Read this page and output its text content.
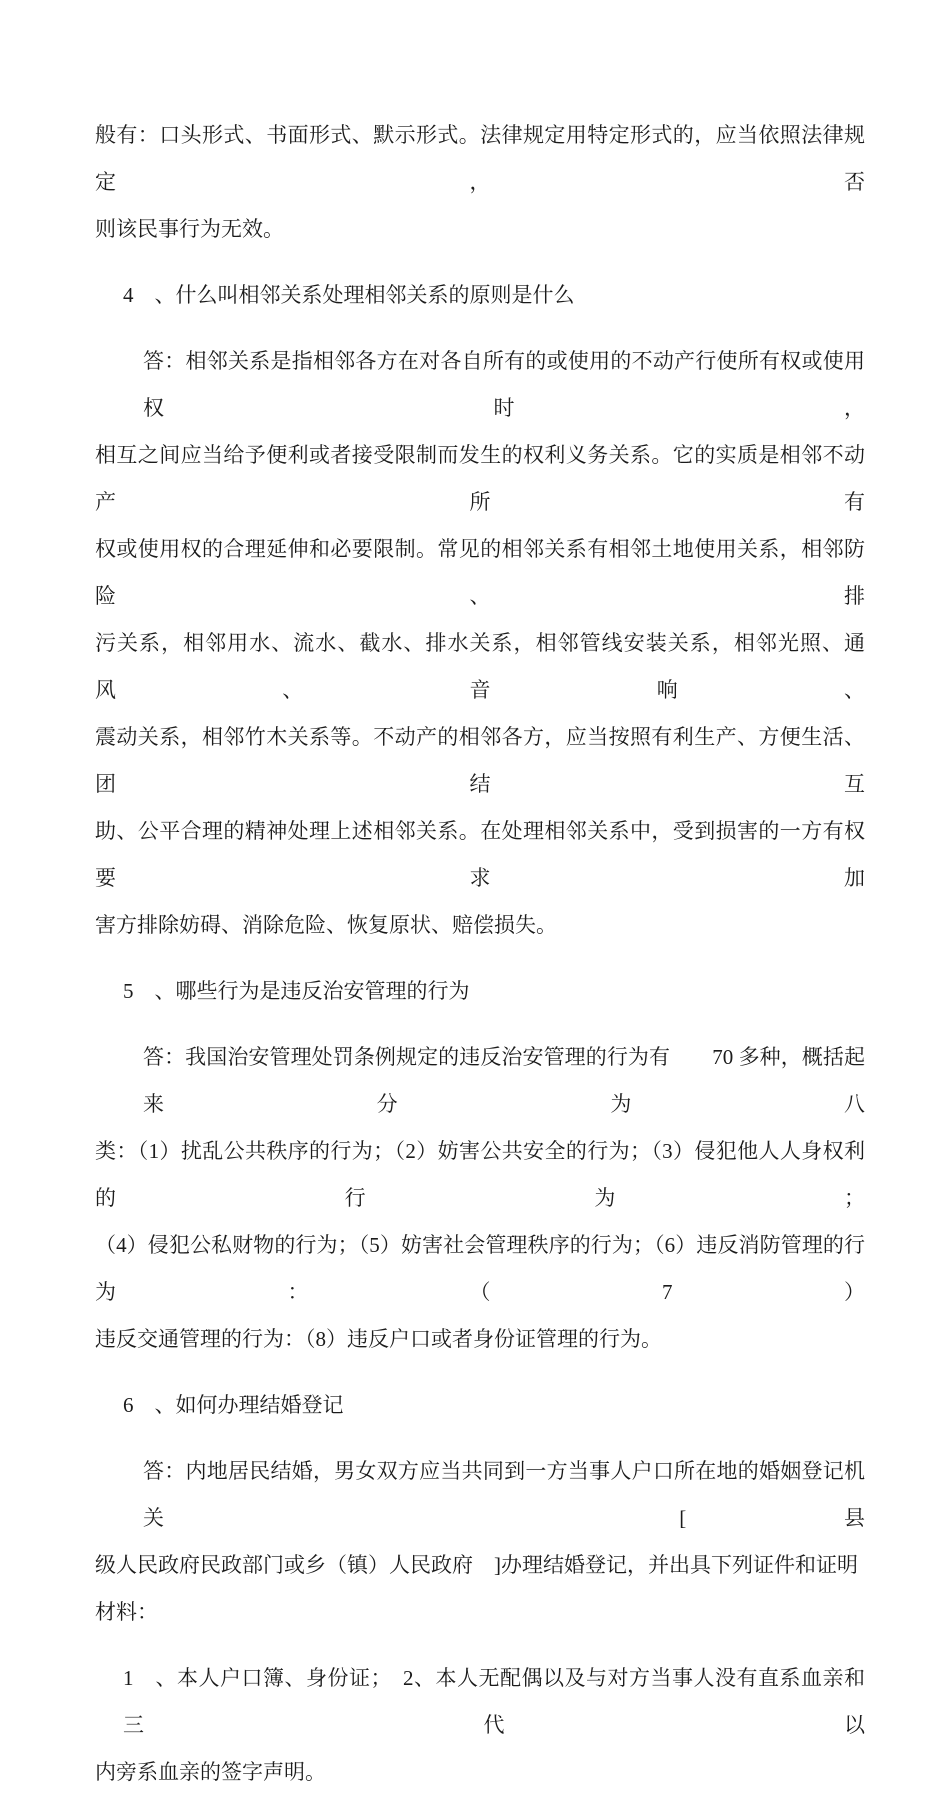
般有：口头形式、书面形式、默示形式。法律规定用特定形式的，应当依照法律规定，否
则该民事行为无效。
4　、什么叫相邻关系处理相邻关系的原则是什么
答：相邻关系是指相邻各方在对各自所有的或使用的不动产行使所有权或使用权时，
相互之间应当给予便利或者接受限制而发生的权利义务关系。它的实质是相邻不动产所有
权或使用权的合理延伸和必要限制。常见的相邻关系有相邻土地使用关系，相邻防险、排
污关系，相邻用水、流水、截水、排水关系，相邻管线安装关系，相邻光照、通风、音响、
震动关系，相邻竹木关系等。不动产的相邻各方，应当按照有利生产、方便生活、团结互
助、公平合理的精神处理上述相邻关系。在处理相邻关系中，受到损害的一方有权要求加
害方排除妨碍、消除危险、恢复原状、赔偿损失。
5　、哪些行为是违反治安管理的行为
答：我国治安管理处罚条例规定的违反治安管理的行为有　　70 多种，概括起来分为八
类：（1）扰乱公共秩序的行为；（2）妨害公共安全的行为；（3）侵犯他人人身权利的行为；
（4）侵犯公私财物的行为；（5）妨害社会管理秩序的行为；（6）违反消防管理的行为：（7）
违反交通管理的行为：（8）违反户口或者身份证管理的行为。
6　、如何办理结婚登记
答：内地居民结婚，男女双方应当共同到一方当事人户口所在地的婚姻登记机关　　[县
级人民政府民政部门或乡（镇）人民政府　]办理结婚登记，并出具下列证件和证明材料：
1　、本人户口簿、身份证；　2、本人无配偶以及与对方当事人没有直系血亲和三代以
内旁系血亲的签字声明。
